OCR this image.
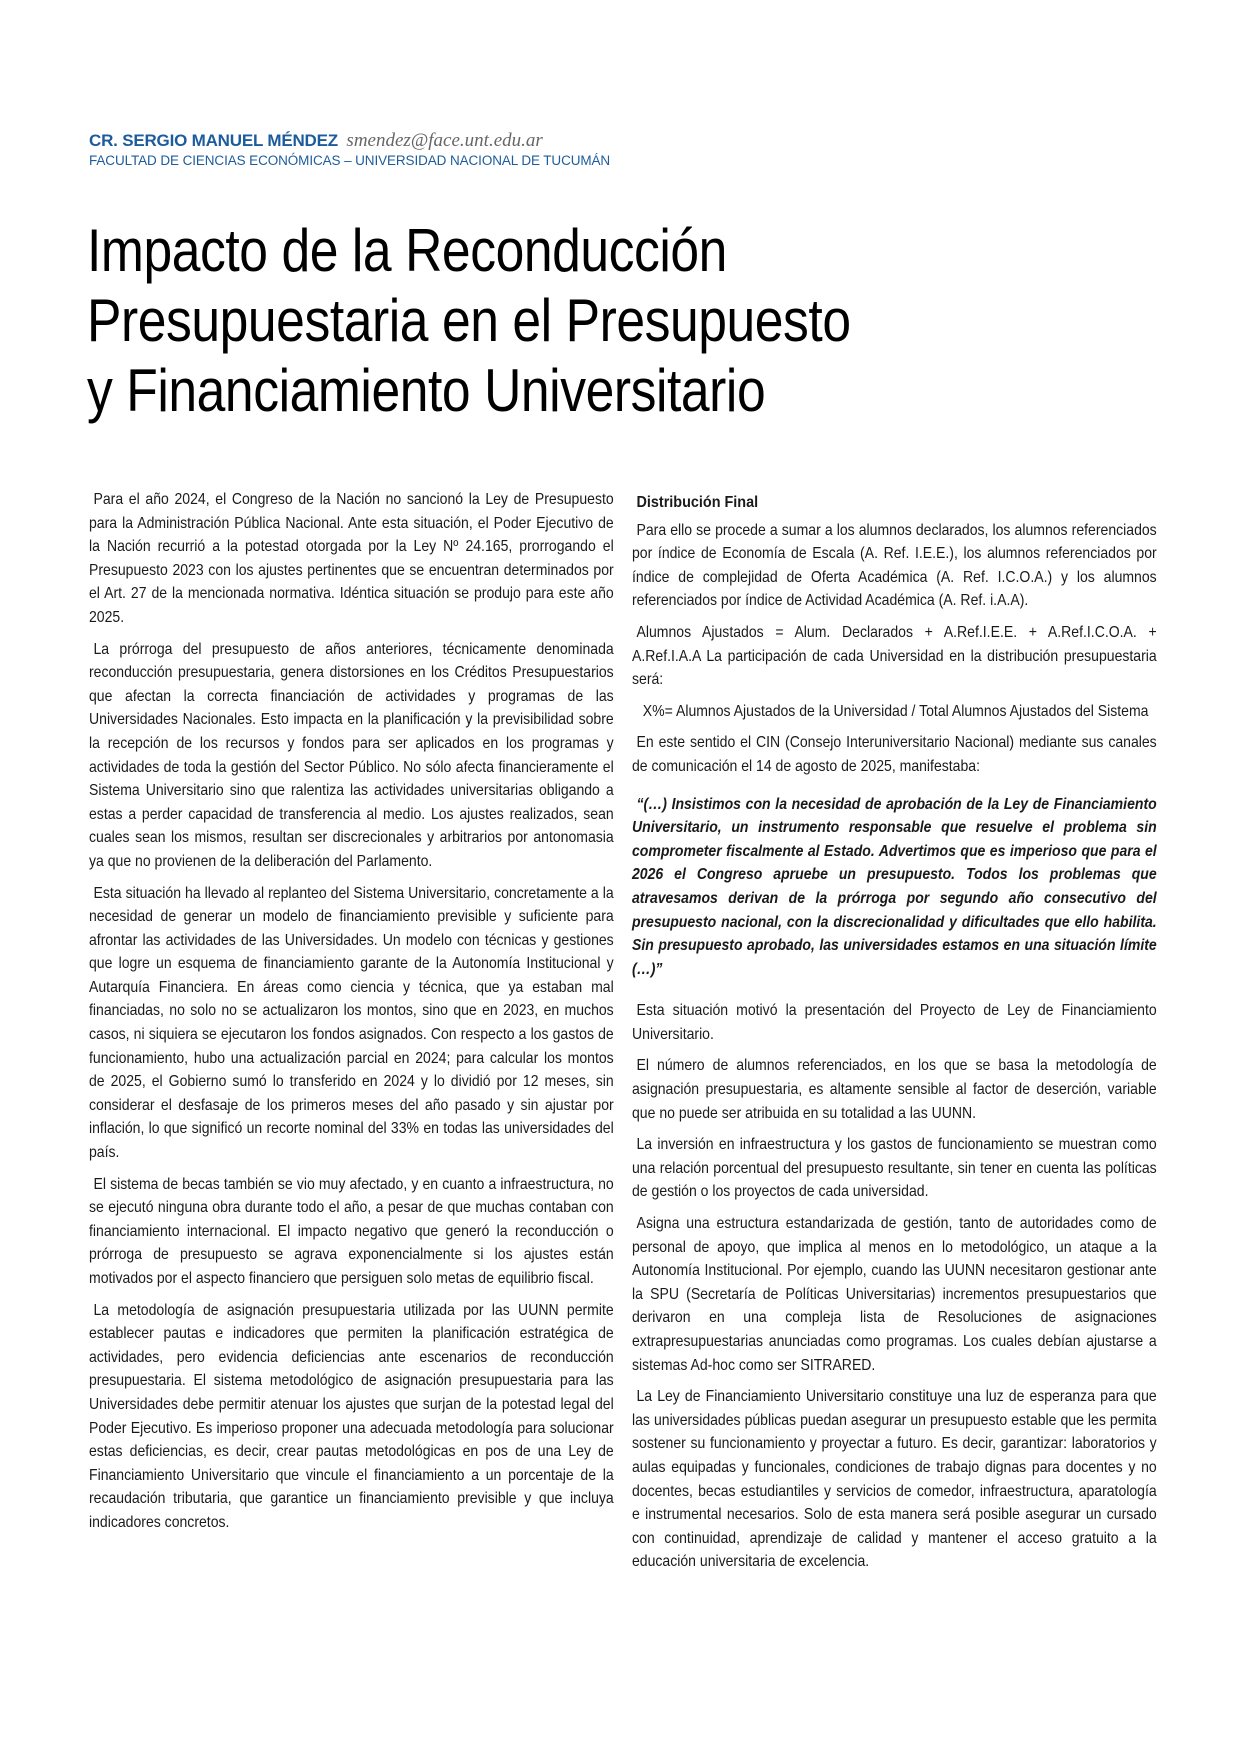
CR. SERGIO MANUEL MÉNDEZ smendez@face.unt.edu.ar
FACULTAD DE CIENCIAS ECONÓMICAS – UNIVERSIDAD NACIONAL DE TUCUMÁN
Impacto de la Reconducción
Presupuestaria en el Presupuesto
y Financiamiento Universitario

Para el año 2024, el Congreso de la Nación no sancionó la Ley de Presupuesto para la Administración Pública Nacional. Ante esta situación, el Poder Ejecutivo de la Nación recurrió a la potestad otorgada por la Ley Nº 24.165, prorrogando el Presupuesto 2023 con los ajustes pertinentes que se encuentran determinados por el Art. 27 de la mencionada normativa. Idéntica situación se produjo para este año 2025.

La prórroga del presupuesto de años anteriores, técnicamente denominada reconducción presupuestaria, genera distorsiones en los Créditos Presupuestarios que afectan la correcta financiación de actividades y programas de las Universidades Nacionales. Esto impacta en la planificación y la previsibilidad sobre la recepción de los recursos y fondos para ser aplicados en los programas y actividades de toda la gestión del Sector Público. No sólo afecta financieramente el Sistema Universitario sino que ralentiza las actividades universitarias obligando a estas a perder capacidad de transferencia al medio. Los ajustes realizados, sean cuales sean los mismos, resultan ser discrecionales y arbitrarios por antonomasia ya que no provienen de la deliberación del Parlamento.

Esta situación ha llevado al replanteo del Sistema Universitario, concretamente a la necesidad de generar un modelo de financiamiento previsible y suficiente para afrontar las actividades de las Universidades. Un modelo con técnicas y gestiones que logre un esquema de financiamiento garante de la Autonomía Institucional y Autarquía Financiera. En áreas como ciencia y técnica, que ya estaban mal financiadas, no solo no se actualizaron los montos, sino que en 2023, en muchos casos, ni siquiera se ejecutaron los fondos asignados. Con respecto a los gastos de funcionamiento, hubo una actualización parcial en 2024; para calcular los montos de 2025, el Gobierno sumó lo transferido en 2024 y lo dividió por 12 meses, sin considerar el desfasaje de los primeros meses del año pasado y sin ajustar por inflación, lo que significó un recorte nominal del 33% en todas las universidades del país.

El sistema de becas también se vio muy afectado, y en cuanto a infraestructura, no se ejecutó ninguna obra durante todo el año, a pesar de que muchas contaban con financiamiento internacional. El impacto negativo que generó la reconducción o prórroga de presupuesto se agrava exponencialmente si los ajustes están motivados por el aspecto financiero que persiguen solo metas de equilibrio fiscal.

La metodología de asignación presupuestaria utilizada por las UUNN permite establecer pautas e indicadores que permiten la planificación estratégica de actividades, pero evidencia deficiencias ante escenarios de reconducción presupuestaria. El sistema metodológico de asignación presupuestaria para las Universidades debe permitir atenuar los ajustes que surjan de la potestad legal del Poder Ejecutivo. Es imperioso proponer una adecuada metodología para solucionar estas deficiencias, es decir, crear pautas metodológicas en pos de una Ley de Financiamiento Universitario que vincule el financiamiento a un porcentaje de la recaudación tributaria, que garantice un financiamiento previsible y que incluya indicadores concretos.

Distribución Final

Para ello se procede a sumar a los alumnos declarados, los alumnos referenciados por índice de Economía de Escala (A. Ref. I.E.E.), los alumnos referenciados por índice de complejidad de Oferta Académica (A. Ref. I.C.O.A.) y los alumnos referenciados por índice de Actividad Académica (A. Ref. i.A.A).

Alumnos Ajustados = Alum. Declarados + A.Ref.I.E.E. + A.Ref.I.C.O.A. + A.Ref.I.A.A La participación de cada Universidad en la distribución presupuestaria será:

X%= Alumnos Ajustados de la Universidad / Total Alumnos Ajustados del Sistema

En este sentido el CIN (Consejo Interuniversitario Nacional) mediante sus canales de comunicación el 14 de agosto de 2025, manifestaba:

“(…) Insistimos con la necesidad de aprobación de la Ley de Financiamiento Universitario, un instrumento responsable que resuelve el problema sin comprometer fiscalmente al Estado. Advertimos que es imperioso que para el 2026 el Congreso apruebe un presupuesto. Todos los problemas que atravesamos derivan de la prórroga por segundo año consecutivo del presupuesto nacional, con la discrecionalidad y dificultades que ello habilita. Sin presupuesto aprobado, las universidades estamos en una situación límite (…)”

Esta situación motivó la presentación del Proyecto de Ley de Financiamiento Universitario.

El número de alumnos referenciados, en los que se basa la metodología de asignación presupuestaria, es altamente sensible al factor de deserción, variable que no puede ser atribuida en su totalidad a las UUNN.

La inversión en infraestructura y los gastos de funcionamiento se muestran como una relación porcentual del presupuesto resultante, sin tener en cuenta las políticas de gestión o los proyectos de cada universidad.

Asigna una estructura estandarizada de gestión, tanto de autoridades como de personal de apoyo, que implica al menos en lo metodológico, un ataque a la Autonomía Institucional. Por ejemplo, cuando las UUNN necesitaron gestionar ante la SPU (Secretaría de Políticas Universitarias) incrementos presupuestarios que derivaron en una compleja lista de Resoluciones de asignaciones extrapresupuestarias anunciadas como programas. Los cuales debían ajustarse a sistemas Ad-hoc como ser SITRARED.

La Ley de Financiamiento Universitario constituye una luz de esperanza para que las universidades públicas puedan asegurar un presupuesto estable que les permita sostener su funcionamiento y proyectar a futuro. Es decir, garantizar: laboratorios y aulas equipadas y funcionales, condiciones de trabajo dignas para docentes y no docentes, becas estudiantiles y servicios de comedor, infraestructura, aparatología e instrumental necesarios. Solo de esta manera será posible asegurar un cursado con continuidad, aprendizaje de calidad y mantener el acceso gratuito a la educación universitaria de excelencia.
